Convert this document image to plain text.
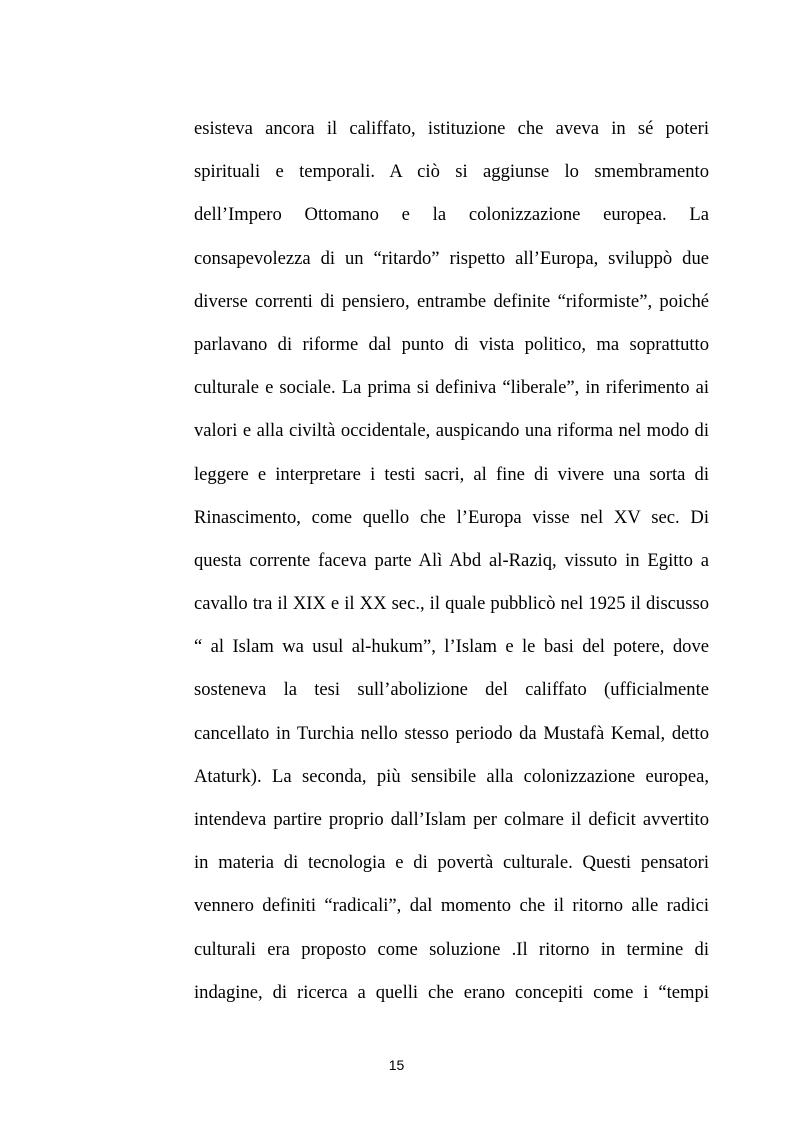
esisteva ancora il califfato, istituzione che aveva in sé poteri
spirituali e temporali. A ciò si aggiunse lo smembramento
dell’Impero Ottomano e la colonizzazione europea. La
consapevolezza di un “ritardo” rispetto all’Europa, sviluppò due
diverse correnti di pensiero, entrambe definite “riformiste”, poiché
parlavano di riforme dal punto di vista politico, ma soprattutto
culturale e sociale. La prima si definiva “liberale”, in riferimento ai
valori e alla civiltà occidentale, auspicando una riforma nel modo di
leggere e interpretare i testi sacri, al fine di vivere una sorta di
Rinascimento, come quello che l’Europa visse nel XV sec. Di
questa corrente faceva parte Alì Abd al-Raziq, vissuto in Egitto a
cavallo tra il XIX e il XX sec., il quale pubblicò nel 1925 il discusso
“ al Islam wa usul al-hukum”, l’Islam e le basi del potere, dove
sosteneva la tesi sull’abolizione del califfato (ufficialmente
cancellato in Turchia nello stesso periodo da Mustafà Kemal, detto
Ataturk). La seconda, più sensibile alla colonizzazione europea,
intendeva partire proprio dall’Islam per colmare il deficit avvertito
in materia di tecnologia e di povertà culturale. Questi pensatori
vennero definiti “radicali”, dal momento che il ritorno alle radici
culturali era proposto come soluzione .Il ritorno in termine di
indagine, di ricerca a quelli che erano concepiti come i “tempi
15
